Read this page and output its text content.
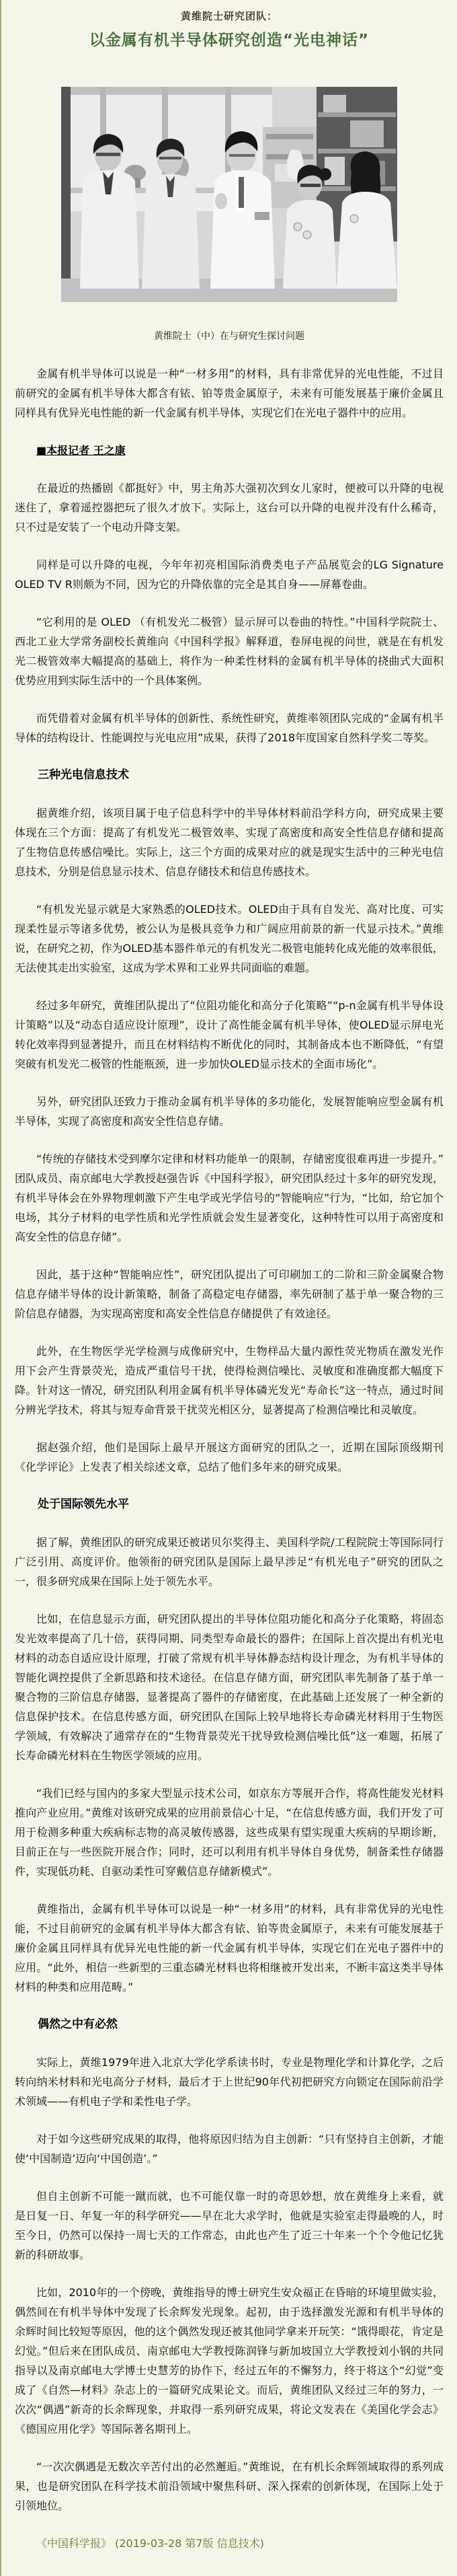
黄维院士研究团队：
以金属有机半导体研究创造“光电神话”
黄维院士（中）在与研究生探讨问题
金属有机半导体可以说是一种“一材多用”的材料，具有非常优异的光电性能，不过目前研究的金属有机半导体大都含有铱、铂等贵金属原子，未来有可能发展基于廉价金属且同样具有优异光电性能的新一代金属有机半导体，实现它们在光电子器件中的应用。
■本报记者 王之康
在最近的热播剧《都挺好》中，男主角苏大强初次到女儿家时，便被可以升降的电视迷住了，拿着遥控器把玩了很久才放下。实际上，这台可以升降的电视并没有什么稀奇，只不过是安装了一个电动升降支架。
同样是可以升降的电视，今年年初亮相国际消费类电子产品展览会的LG Signature OLED TV R则颇为不同，因为它的升降依靠的完全是其自身——屏幕卷曲。
“它利用的是 OLED （有机发光二极管）显示屏可以卷曲的特性。”中国科学院院士、西北工业大学常务副校长黄维向《中国科学报》解释道，卷屏电视的问世，就是在有机发光二极管效率大幅提高的基础上，将作为一种柔性材料的金属有机半导体的挠曲式大面积优势应用到实际生活中的一个具体案例。
而凭借着对金属有机半导体的创新性、系统性研究，黄维率领团队完成的“金属有机半导体的结构设计、性能调控与光电应用”成果，获得了2018年度国家自然科学奖二等奖。
三种光电信息技术
据黄维介绍，该项目属于电子信息科学中的半导体材料前沿学科方向，研究成果主要体现在三个方面：提高了有机发光二极管效率、实现了高密度和高安全性信息存储和提高了生物信息传感信噪比。实际上，这三个方面的成果对应的就是现实生活中的三种光电信息技术，分别是信息显示技术、信息存储技术和信息传感技术。
“有机发光显示就是大家熟悉的OLED技术。OLED由于具有自发光、高对比度、可实现柔性显示等诸多优势，被公认为是极具竞争力和广阔应用前景的新一代显示技术。”黄维说，在研究之初，作为OLED基本器件单元的有机发光二极管电能转化成光能的效率很低，无法使其走出实验室，这成为学术界和工业界共同面临的难题。
经过多年研究，黄维团队提出了“位阻功能化和高分子化策略”“p-n金属有机半导体设计策略”以及“动态自适应设计原理”，设计了高性能金属有机半导体，使OLED显示屏电光转化效率得到显著提升，而且在材料结构不断优化的同时，其制备成本也不断降低，“有望突破有机发光二极管的性能瓶颈，进一步加快OLED显示技术的全面市场化”。
另外，研究团队还致力于推动金属有机半导体的多功能化，发展智能响应型金属有机半导体，实现了高密度和高安全性信息存储。
“传统的存储技术受到摩尔定律和材料功能单一的限制，存储密度很难再进一步提升。”团队成员、南京邮电大学教授赵强告诉《中国科学报》，研究团队经过十多年的研究发现，有机半导体会在外界物理刺激下产生电学或光学信号的“智能响应”行为，“比如，给它加个电场，其分子材料的电学性质和光学性质就会发生显著变化，这种特性可以用于高密度和高安全性的信息存储”。
因此，基于这种“智能响应性”，研究团队提出了可印刷加工的二阶和三阶金属聚合物信息存储半导体的设计新策略，制备了高稳定电存储器，率先研制了基于单一聚合物的三阶信息存储器，为实现高密度和高安全性信息存储提供了有效途径。
此外，在生物医学光学检测与成像研究中，生物样品大量内源性荧光物质在激发光作用下会产生背景荧光，造成严重信号干扰，使得检测信噪比、灵敏度和准确度都大幅度下降。针对这一情况，研究团队利用金属有机半导体磷光发光“寿命长”这一特点，通过时间分辨光学技术，将其与短寿命背景干扰荧光相区分，显著提高了检测信噪比和灵敏度。
据赵强介绍，他们是国际上最早开展这方面研究的团队之一，近期在国际顶级期刊《化学评论》上发表了相关综述文章，总结了他们多年来的研究成果。
处于国际领先水平
据了解，黄维团队的研究成果还被诺贝尔奖得主、美国科学院/工程院院士等国际同行广泛引用、高度评价。他领衔的研究团队是国际上最早涉足“有机光电子”研究的团队之一，很多研究成果在国际上处于领先水平。
比如，在信息显示方面，研究团队提出的半导体位阻功能化和高分子化策略，将固态发光效率提高了几十倍，获得同期、同类型寿命最长的器件；在国际上首次提出有机光电材料的动态自适应设计原理，打破了常规有机半导体静态结构设计理念，为有机半导体的智能化调控提供了全新思路和技术途径。在信息存储方面，研究团队率先制备了基于单一聚合物的三阶信息存储器，显著提高了器件的存储密度，在此基础上还发展了一种全新的信息保护技术。在信息传感方面，研究团队在国际上较早地将长寿命磷光材料用于生物医学领域，有效解决了通常存在的“生物背景荧光干扰导致检测信噪比低”这一难题，拓展了长寿命磷光材料在生物医学领域的应用。
“我们已经与国内的多家大型显示技术公司，如京东方等展开合作，将高性能发光材料推向产业应用。”黄维对该研究成果的应用前景信心十足，“在信息传感方面，我们开发了可用于检测多种重大疾病标志物的高灵敏传感器，这些成果有望实现重大疾病的早期诊断，目前正在与一些医院开展合作；同时，还可以利用有机半导体自身优势，制备柔性存储器件，实现低功耗、自驱动柔性可穿戴信息存储新模式”。
黄维指出，金属有机半导体可以说是一种“一材多用”的材料，具有非常优异的光电性能，不过目前研究的金属有机半导体大都含有铱、铂等贵金属原子，未来有可能发展基于廉价金属且同样具有优异光电性能的新一代金属有机半导体，实现它们在光电子器件中的应用。“此外，相信一些新型的三重态磷光材料也将相继被开发出来，不断丰富这类半导体材料的种类和应用范畴。”
偶然之中有必然
实际上，黄维1979年进入北京大学化学系读书时，专业是物理化学和计算化学，之后转向纳米材料和光电高分子材料，最后才于上世纪90年代初把研究方向锁定在国际前沿学术领域——有机电子学和柔性电子学。
对于如今这些研究成果的取得，他将原因归结为自主创新：“只有坚持自主创新，才能使‘中国制造’迈向‘中国创造’。”
但自主创新不可能一蹴而就，也不可能仅靠一时的奇思妙想，放在黄维身上来看，就是日复一日、年复一年的科学研究——早在北大求学时，他就是实验室走得最晚的人，时至今日，仍然可以保持一周七天的工作常态，由此也产生了近三十年来一个个令他记忆犹新的科研故事。
比如，2010年的一个傍晚，黄维指导的博士研究生安众福正在昏暗的环境里做实验，偶然间在有机半导体中发现了长余辉发光现象。起初，由于选择激发光源和有机半导体的余辉时间比较短等原因，他的这个偶然发现还被其他同学拿来开玩笑：“饿得眼花，肯定是幻觉。”但后来在团队成员、南京邮电大学教授陈润锋与新加坡国立大学教授刘小钢的共同指导以及南京邮电大学博士史慧芳的协作下，经过五年的不懈努力，终于将这个“幻觉”变成了《自然—材料》杂志上的一篇研究成果论文。而后，黄维团队又经过三年的努力，一次次“偶遇”新奇的长余辉现象，并取得一系列研究成果，将论文发表在《美国化学会志》《德国应用化学》等国际著名期刊上。
“一次次偶遇是无数次辛苦付出的必然邂逅。”黄维说，在有机长余辉领域取得的系列成果，也是研究团队在科学技术前沿领域中聚焦科研、深入探索的创新体现，在国际上处于引领地位。
《中国科学报》 (2019-03-28 第7版 信息技术)
